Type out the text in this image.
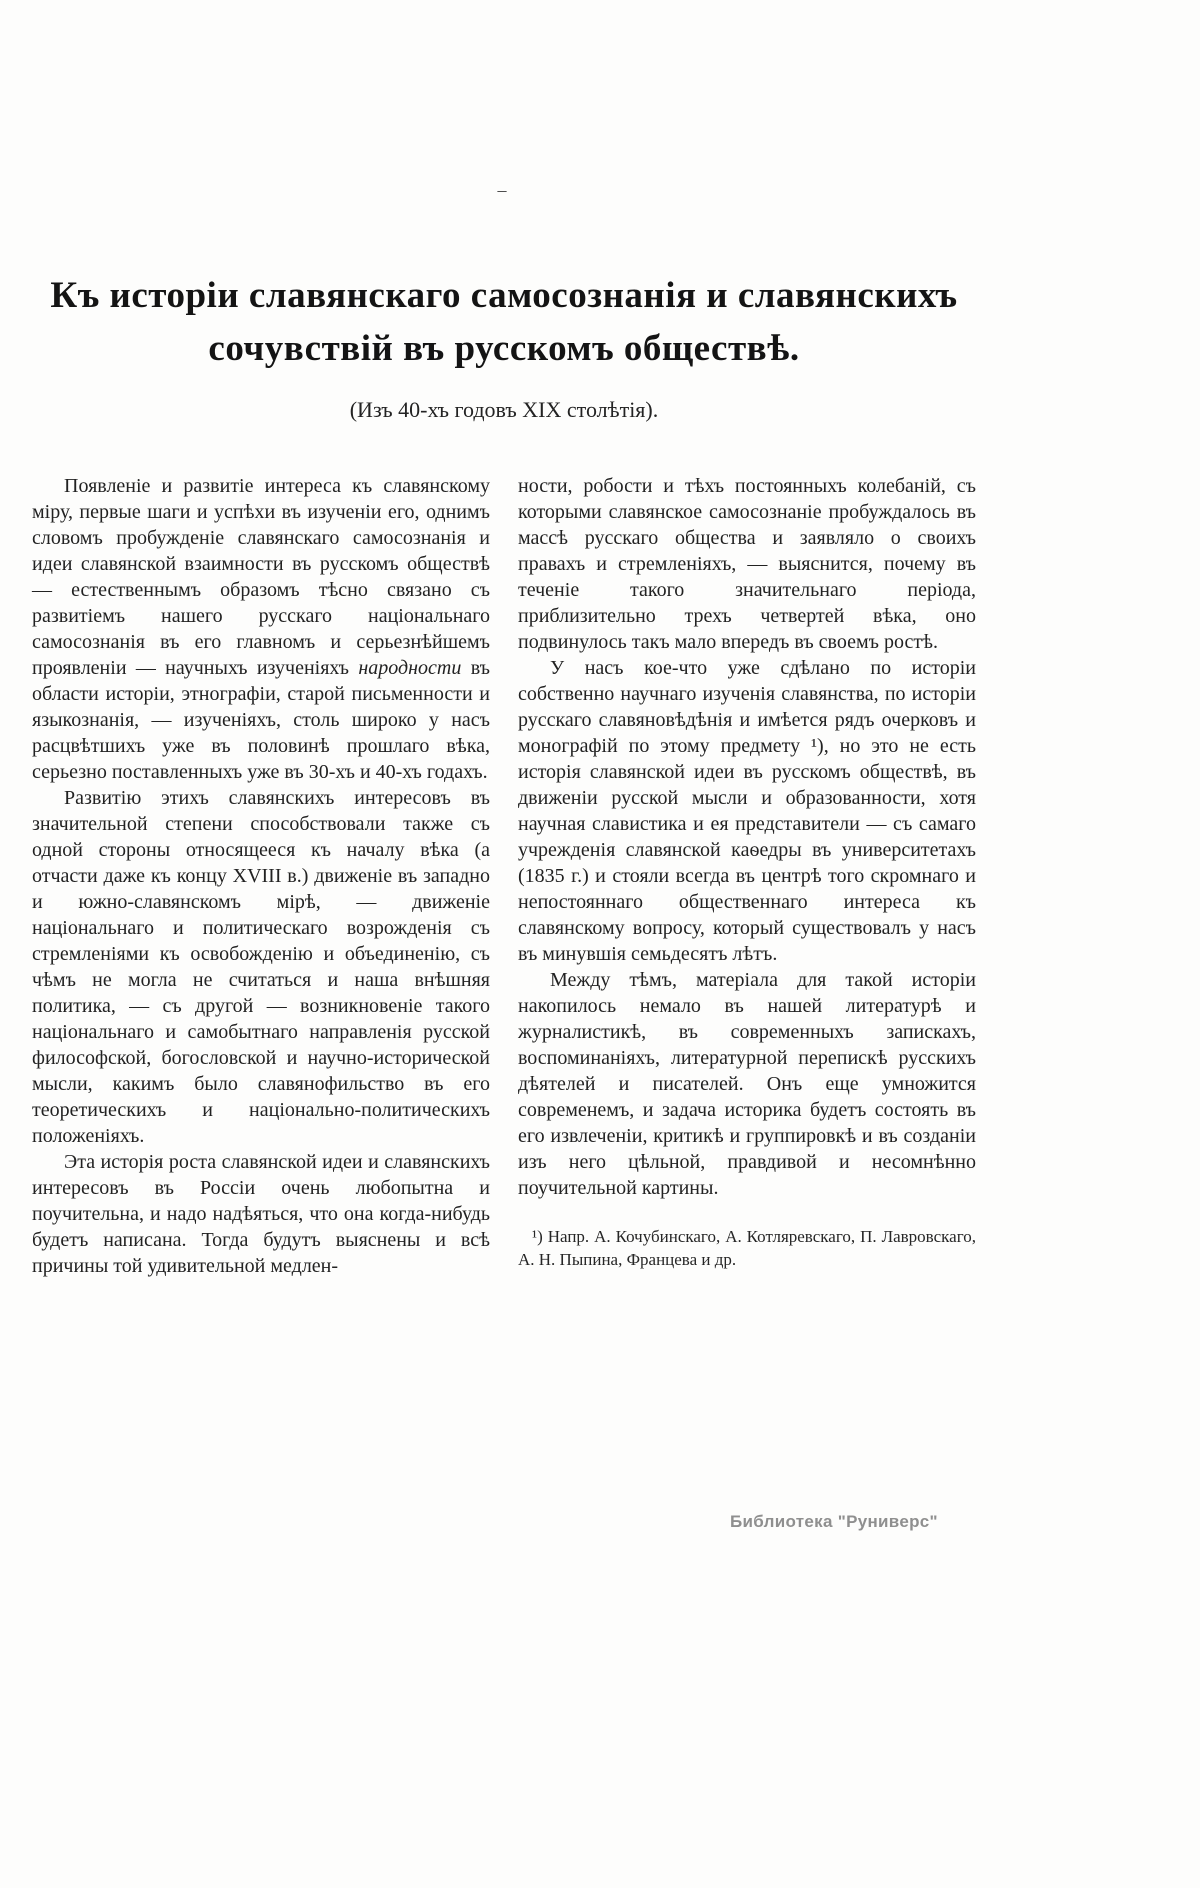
–
Къ исторіи славянскаго самосознанія и славянскихъ
сочувствій въ русскомъ обществѣ.
(Изъ 40-хъ годовъ XIX столѣтія).

Появленіе и развитіе интереса къ славянскому міру, первые шаги и успѣхи въ изученіи его, однимъ словомъ пробужденіе славянскаго самосознанія и идеи славянской взаимности въ русскомъ обществѣ — естественнымъ образомъ тѣсно связано съ развитіемъ нашего русскаго національнаго самосознанія въ его главномъ и серьезнѣйшемъ проявленіи — научныхъ изученіяхъ народности въ области исторіи, этнографіи, старой письменности и языкознанія, — изученіяхъ, столь широко у насъ расцвѣтшихъ уже въ половинѣ прошлаго вѣка, серьезно поставленныхъ уже въ 30-хъ и 40-хъ годахъ.

Развитію этихъ славянскихъ интересовъ въ значительной степени способствовали также съ одной стороны относящееся къ началу вѣка (а отчасти даже къ концу XVIII в.) движеніе въ западно и южно-славянскомъ мірѣ, — движеніе національнаго и политическаго возрожденія съ стремленіями къ освобожденію и объединенію, съ чѣмъ не могла не считаться и наша внѣшняя политика, — съ другой — возникновеніе такого національнаго и самобытнаго направленія русской философской, богословской и научно-исторической мысли, какимъ было славянофильство въ его теоретическихъ и національно-политическихъ положеніяхъ.

Эта исторія роста славянской идеи и славянскихъ интересовъ въ Россіи очень любопытна и поучительна, и надо надѣяться, что она когда-нибудь будетъ написана. Тогда будутъ выяснены и всѣ причины той удивительной медлен-

ности, робости и тѣхъ постоянныхъ колебаній, съ которыми славянское самосознаніе пробуждалось въ массѣ русскаго общества и заявляло о своихъ правахъ и стремленіяхъ, — выяснится, почему въ теченіе такого значительнаго періода, приблизительно трехъ четвертей вѣка, оно подвинулось такъ мало впередъ въ своемъ ростѣ.

У насъ кое-что уже сдѣлано по исторіи собственно научнаго изученія славянства, по исторіи русскаго славяновѣдѣнія и имѣется рядъ очерковъ и монографій по этому предмету ¹), но это не есть исторія славянской идеи въ русскомъ обществѣ, въ движеніи русской мысли и образованности, хотя научная славистика и ея представители — съ самаго учрежденія славянской каѳедры въ университетахъ (1835 г.) и стояли всегда въ центрѣ того скромнаго и непостояннаго общественнаго интереса къ славянскому вопросу, который существовалъ у насъ въ минувшія семьдесятъ лѣтъ.

Между тѣмъ, матеріала для такой исторіи накопилось немало въ нашей литературѣ и журналистикѣ, въ современныхъ запискахъ, воспоминаніяхъ, литературной перепискѣ русскихъ дѣятелей и писателей. Онъ еще умножится современемъ, и задача историка будетъ состоять въ его извлеченіи, критикѣ и группировкѣ и въ созданіи изъ него цѣльной, правдивой и несомнѣнно поучительной картины.

¹) Напр. А. Кочубинскаго, А. Котляревскаго, П. Лавровскаго, А. Н. Пыпина, Францева и др.
Библиотека "Руниверс"
